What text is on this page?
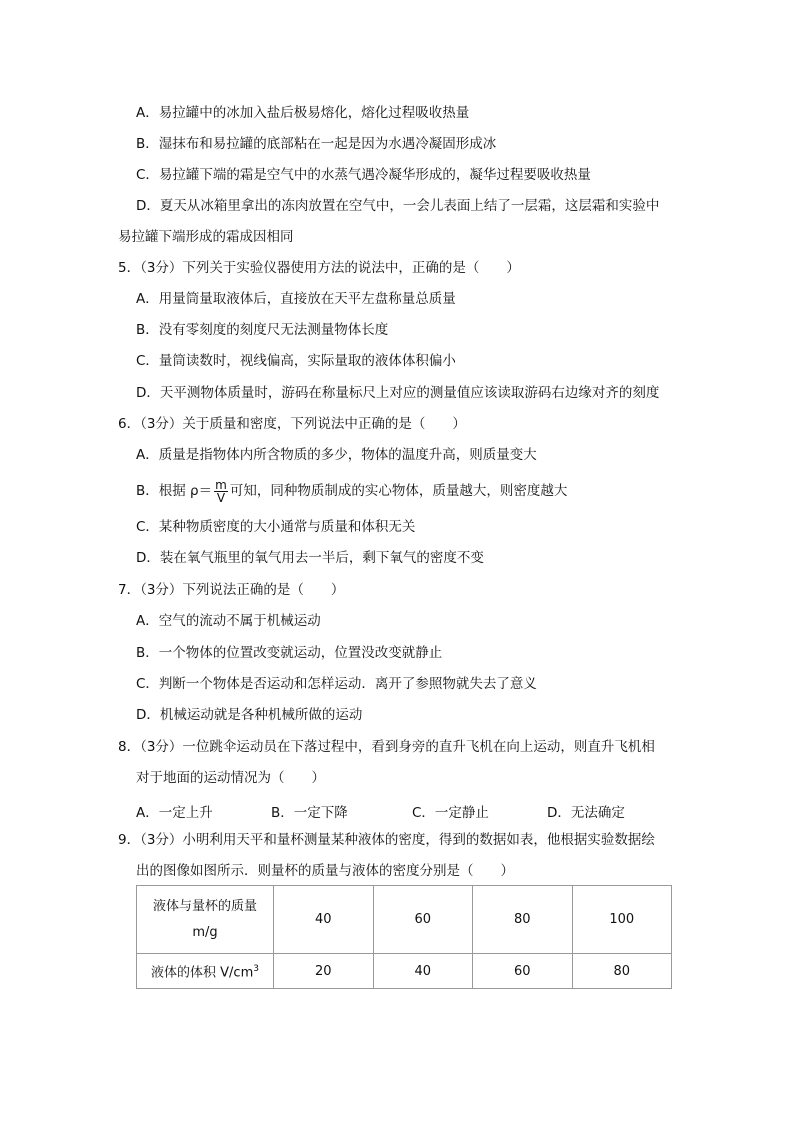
A．易拉罐中的冰加入盐后极易熔化，熔化过程吸收热量
B．湿抹布和易拉罐的底部粘在一起是因为水遇冷凝固形成冰
C．易拉罐下端的霜是空气中的水蒸气遇冷凝华形成的，凝华过程要吸收热量
D．夏天从冰箱里拿出的冻肉放置在空气中，一会儿表面上结了一层霜，这层霜和实验中
易拉罐下端形成的霜成因相同
5．（3分）下列关于实验仪器使用方法的说法中，正确的是（　　）
A．用量筒量取液体后，直接放在天平左盘称量总质量
B．没有零刻度的刻度尺无法测量物体长度
C．量筒读数时，视线偏高，实际量取的液体体积偏小
D．天平测物体质量时，游码在称量标尺上对应的测量值应该读取游码右边缘对齐的刻度
6．（3分）关于质量和密度，下列说法中正确的是（　　）
A．质量是指物体内所含物质的多少，物体的温度升高，则质量变大
B．根据 $\rho= \frac{m}{V}$ 可知，同种物质制成的实心物体，质量越大，则密度越大
C．某种物质密度的大小通常与质量和体积无关
D．装在氧气瓶里的氧气用去一半后，剩下氧气的密度不变
7．（3分）下列说法正确的是（　　）
A．空气的流动不属于机械运动
B．一个物体的位置改变就运动，位置没改变就静止
C．判断一个物体是否运动和怎样运动．离开了参照物就失去了意义
D．机械运动就是各种机械所做的运动
8．（3分）一位跳伞运动员在下落过程中，看到身旁的直升飞机在向上运动，则直升飞机相
对于地面的运动情况为（　　）
A．一定上升	B．一定下降	C．一定静止	D．无法确定
9．（3分）小明利用天平和量杯测量某种液体的密度，得到的数据如表，他根据实验数据绘
出的图像如图所示．则量杯的质量与液体的密度分别是（　　）
液体与量杯的质量
m/g	40	60	80	100
液体的体积 $V/cm^3$	20	40	60	80
